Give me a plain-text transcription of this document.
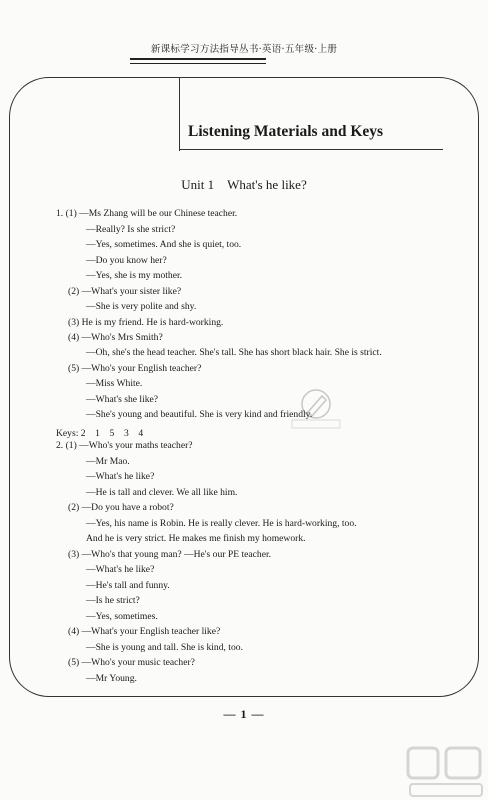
新课标学习方法指导丛书·英语·五年级·上册
Listening Materials and Keys
Unit 1　What's he like?
1. (1) —Ms Zhang will be our Chinese teacher.
—Really? Is she strict?
—Yes, sometimes. And she is quiet, too.
—Do you know her?
—Yes, she is my mother.
(2) —What's your sister like?
—She is very polite and shy.
(3) He is my friend. He is hard-working.
(4) —Who's Mrs Smith?
—Oh, she's the head teacher. She's tall. She has short black hair. She is strict.
(5) —Who's your English teacher?
—Miss White.
—What's she like?
—She's young and beautiful. She is very kind and friendly.
Keys: 2　1　5　3　4
2. (1) —Who's your maths teacher?
—Mr Mao.
—What's he like?
—He is tall and clever. We all like him.
(2) —Do you have a robot?
—Yes, his name is Robin. He is really clever. He is hard-working, too.
And he is very strict. He makes me finish my homework.
(3) —Who's that young man? —He's our PE teacher.
—What's he like?
—He's tall and funny.
—Is he strict?
—Yes, sometimes.
(4) —What's your English teacher like?
—She is young and tall. She is kind, too.
(5) —Who's your music teacher?
—Mr Young.
— 1 —
